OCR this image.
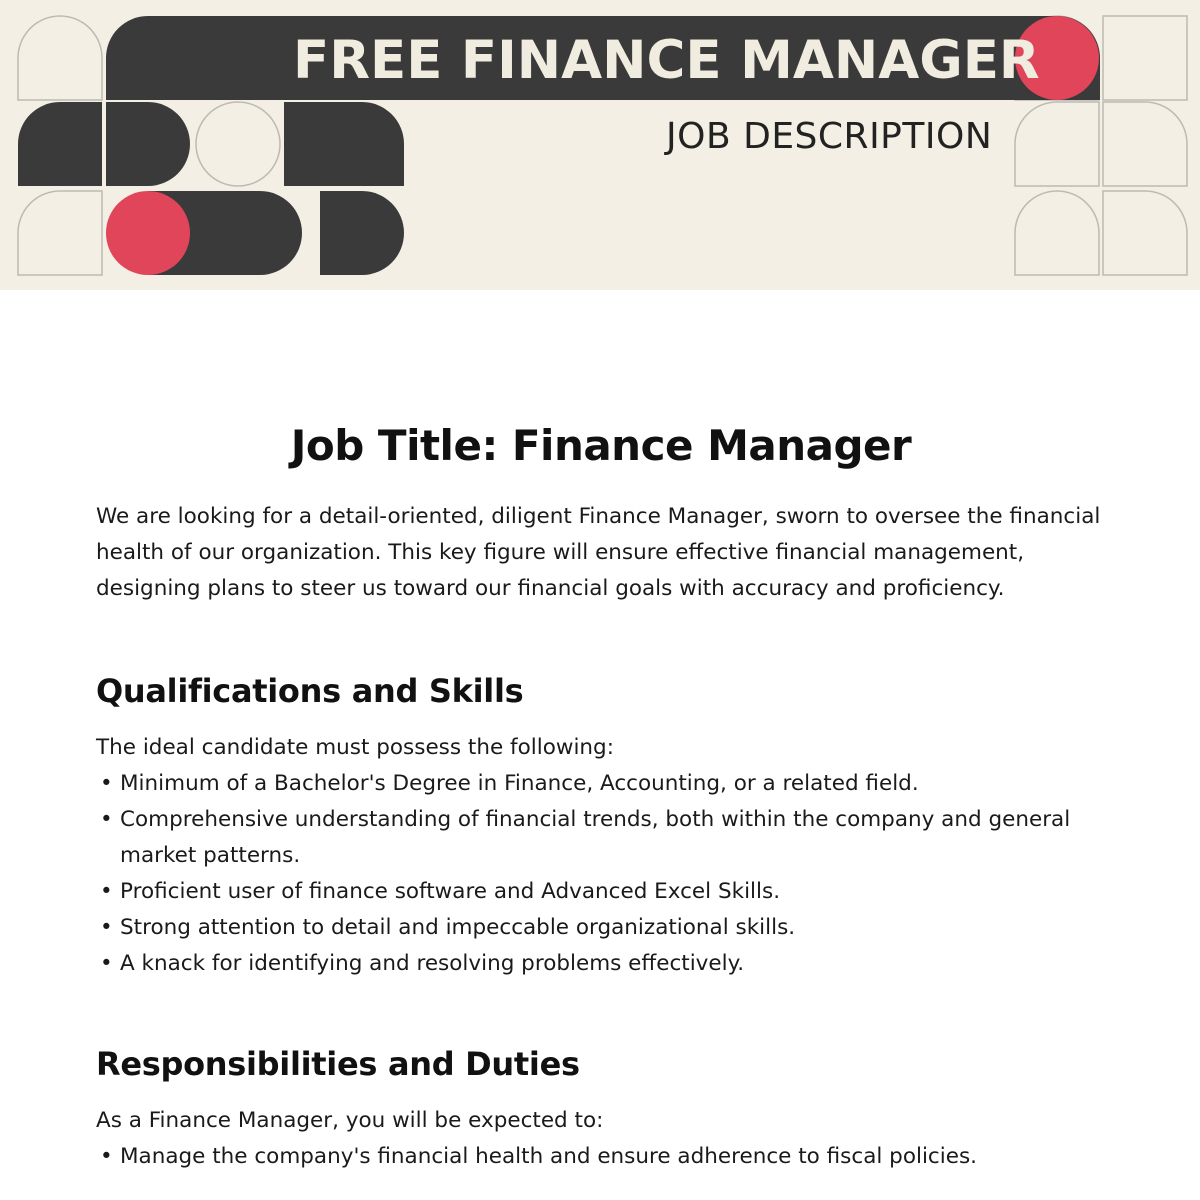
FREE FINANCE MANAGER
JOB DESCRIPTION
Job Title: Finance Manager

We are looking for a detail-oriented, diligent Finance Manager, sworn to oversee the financial health of our organization. This key figure will ensure effective financial management, designing plans to steer us toward our financial goals with accuracy and proficiency.

Qualifications and Skills

The ideal candidate must possess the following:

• Minimum of a Bachelor's Degree in Finance, Accounting, or a related field.
• Comprehensive understanding of financial trends, both within the company and general market patterns.
• Proficient user of finance software and Advanced Excel Skills.
• Strong attention to detail and impeccable organizational skills.
• A knack for identifying and resolving problems effectively.
Responsibilities and Duties

As a Finance Manager, you will be expected to:

• Manage the company's financial health and ensure adherence to fiscal policies.
